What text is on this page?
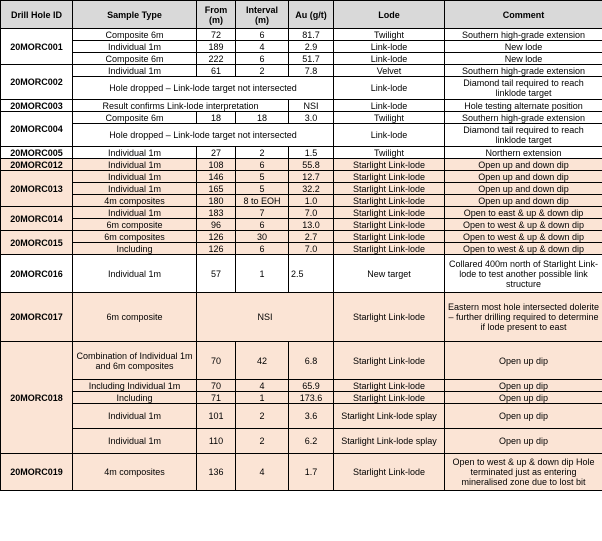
Drill Hole ID	Sample Type	From (m)	Interval (m)	Au (g/t)	Lode	Comment
20MORC001	Composite 6m	72	6	81.7	Twilight	Southern high-grade extension
	Individual 1m	189	4	2.9	Link-lode	New lode
	Composite 6m	222	6	51.7	Link-lode	New lode
20MORC002	Individual 1m	61	2	7.8	Velvet	Southern high-grade extension
	Hole dropped – Link-lode target not intersected				Link-lode	Diamond tail required to reach linklode target
20MORC003	Result confirms Link-lode interpretation			NSI	Link-lode	Hole testing alternate position
20MORC004	Composite 6m	18	18	3.0	Twilight	Southern high-grade extension
	Hole dropped – Link-lode target not intersected				Link-lode	Diamond tail required to reach linklode target
20MORC005	Individual 1m	27	2	1.5	Twilight	Northern extension
20MORC012	Individual 1m	108	6	55.8	Starlight Link-lode	Open up and down dip
20MORC013	Individual 1m	146	5	12.7	Starlight Link-lode	Open up and down dip
	Individual 1m	165	5	32.2	Starlight Link-lode	Open up and down dip
	4m composites	180	8 to EOH	1.0	Starlight Link-lode	Open up and down dip
20MORC014	Individual 1m	183	7	7.0	Starlight Link-lode	Open to east & up & down dip
	6m composite	96	6	13.0	Starlight Link-lode	Open to west & up & down dip
20MORC015	6m composites	126	30	2.7	Starlight Link-lode	Open to west & up & down dip
	Including	126	6	7.0	Starlight Link-lode	Open to west & up & down dip
20MORC016	Individual 1m	57	1	2.5	New target	Collared 400m north of Starlight Link-lode to test another possible link structure
20MORC017	6m composite	NSI			Starlight Link-lode	Eastern most hole intersected dolerite – further drilling required to determine if lode present to east
20MORC018	Combination of Individual 1m and 6m composites	70	42	6.8	Starlight Link-lode	Open up dip
	Including Individual 1m	70	4	65.9	Starlight Link-lode	Open up dip
	Including	71	1	173.6	Starlight Link-lode	Open up dip
	Individual 1m	101	2	3.6	Starlight Link-lode splay	Open up dip
	Individual 1m	110	2	6.2	Starlight Link-lode splay	Open up dip
20MORC019	4m composites	136	4	1.7	Starlight Link-lode	Open to west & up & down dip Hole terminated just as entering mineralised zone due to lost bit
